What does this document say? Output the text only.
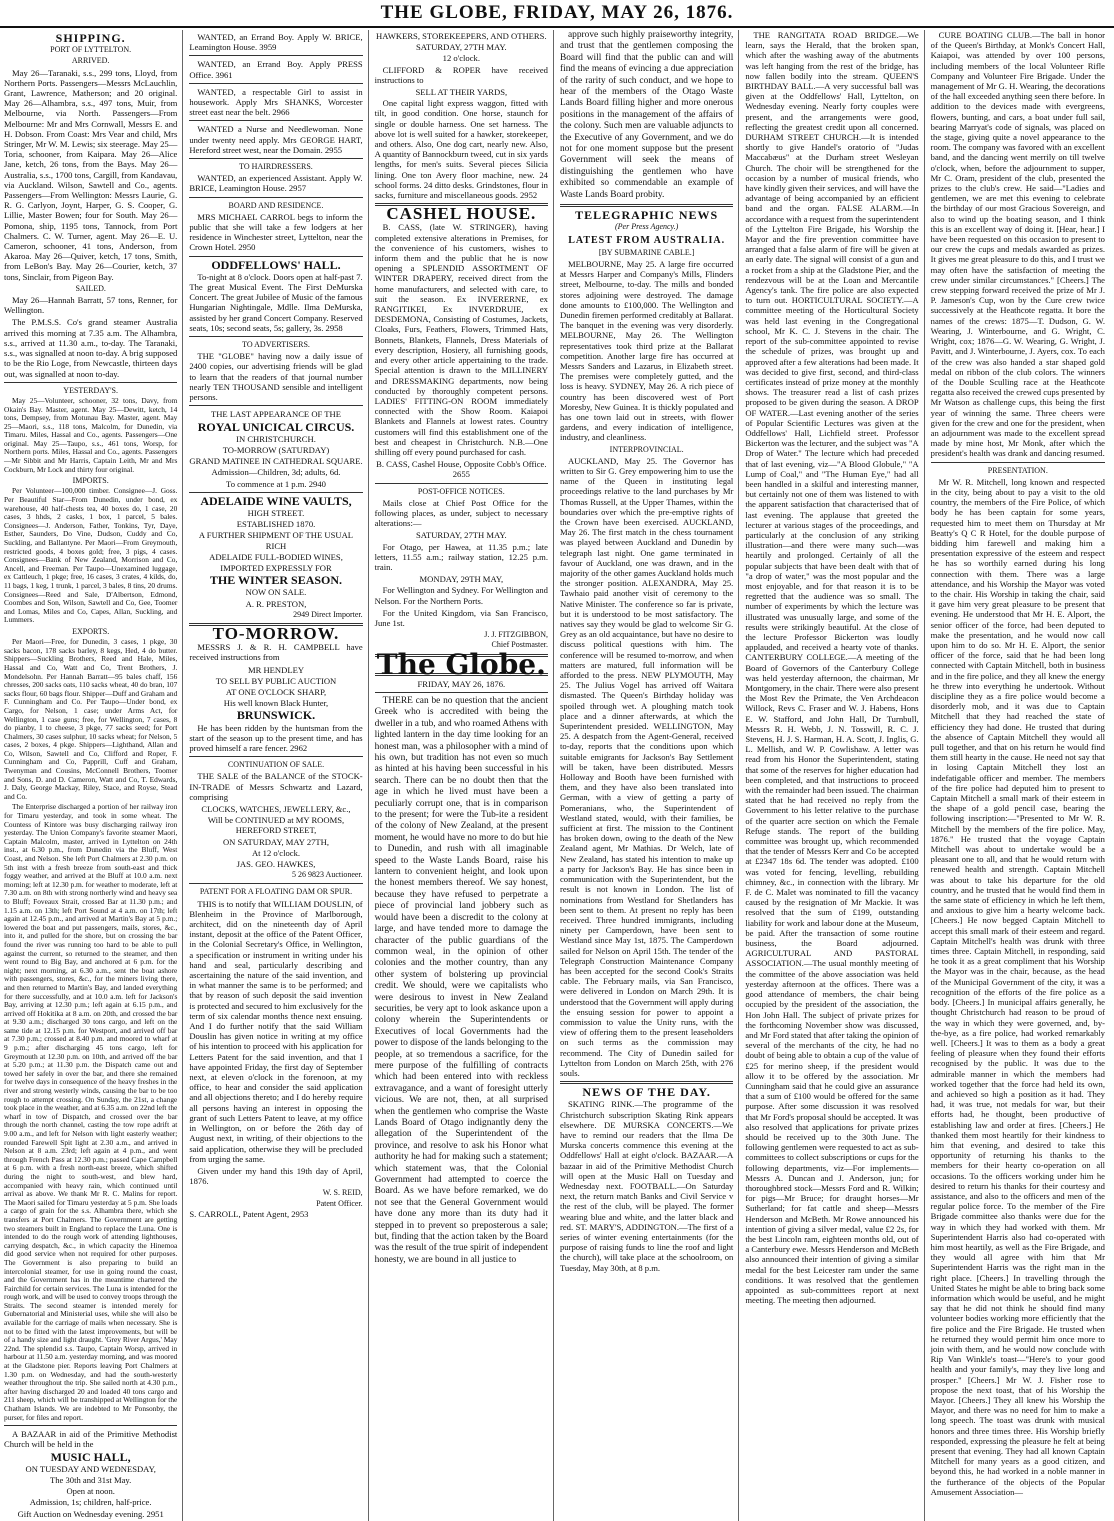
THE GLOBE, FRIDAY, MAY 26, 1876.
SHIPPING.
PORT OF LYTTELTON.
ARRIVED.

May 26—Taranaki, s.s., 299 tons, Lloyd, from Northern Ports. Passengers—Messrs McLauchlin, Grant, Lawrence, Matherson; and 20 original. May 26—Alhambra, s.s., 497 tons, Muir, from Melbourne, via North. Passengers—From Melbourne: Mr and Mrs Cornwall, Messrs E. and H. Dobson. From Coast: Mrs Vear and child, Mrs Stringer, Mr W. M. Lewis; six steerage. May 25—Toria, schooner, from Kaipara. May 26—Alice Jane, ketch, 26 tons, from the Bays. May 26—Australia, s.s., 1700 tons, Cargill, from Kandavau, via Auckland. Wilson, Sawtell and Co., agents. Passengers—From Wellington: Messrs Laurie, G. R. G. Carlyon, Joynt, Harper, G. S. Cooper, G. Lillie, Master Bowen; four for South. May 26—Pomona, ship, 1195 tons, Tannock, from Port Chalmers. C. W. Turner, agent. May 26—E. U. Cameron, schooner, 41 tons, Anderson, from Akaroa. May 26—Quiver, ketch, 17 tons, Smith, from LeBon's Bay. May 26—Courier, ketch, 37 tons, Sinclair, from Pigeon Bay.

SAILED.

May 26—Hannah Barratt, 57 tons, Renner, for Wellington.

The P.M.S.S. Co's grand steamer Australia arrived this morning at 7.35 a.m. The Alhambra, s.s., arrived at 11.30 a.m., to-day. The Taranaki, s.s., was signalled at noon to-day. A brig supposed to be the Rio Loge, from Newcastle, thirteen days out, was signalled at noon to-day.

YESTERDAY'S.

May 25—Volunteer, schooner, 32 tons, Davy, from Okain's Bay. Master, agent. May 25—Dewitt, ketch, 14 tons, Dempsey, from Motunau Bay. Master, agent. May 25—Maori, s.s., 118 tons, Malcolm, for Dunedin, via Timaru. Miles, Hassal and Co., agents. Passengers—One original. May 25—Taupo, s.s., 461 tons, Worsp, for Northern ports. Miles, Hassal and Co., agents. Passengers—Mr Sibbit and Mr Harris, Captain Leith, Mr and Mrs Cockburn, Mr Lock and thirty four original.

IMPORTS.

Per Volunteer—100,000 timber. Consignee—J. Goss. Per Beautiful Star—From Dunedin, under bond, ex warehouse, 40 half-chests tea, 40 boxes do, 1 case, 20 cases, 3 hhds, 2 casks, 1 box, 1 parcel, 5 bales. Consignees—J. Anderson, Father, Tonkins, Tyr, Daye, Esther, Saunders, Do Vine, Dudson, Cuddy and Co, Suckling, and Ballantyne. Per Maori—From Greymouth, restricted goods, 4 boxes gold; free, 3 pigs, 4 cases. Consignees—Bank of New Zealand, Morrison and Co, Ancell, and Freeman. Per Taupo—Unexamined luggage, ex Cattleuch, 1 pkge; free, 16 cases, 3 crates, 4 kilds, do, 11 bags, 1 keg, 1 trunk, 1 parcel, 3 bales, 8 tins, 20 drums. Consignees—Reed and Sale, D'Albertson, Edmond, Coombes and Son, Wilson, Sawtell and Co, Gee, Toomer and Lomas, Miles and Co, Capes, Allan, Suckling, and Lummers.

EXPORTS.

Per Maori—Free, for Dunedin, 3 cases, 1 pkge, 30 sacks bacon, 178 sacks barley, 8 kegs, Hed, 4 do butter. Shippers—Suckling Brothers, Reed and Hale, Miles, Hassal and Co, Watt and Co, Trent Brothers, J. Mondelsohn. Per Hannah Barratt—95 bales chaff, 156 chresses, 200 sacks oats, 110 sacks wheat, 40 do bran, 107 sacks flour, 60 bags flour. Shipper—Duff and Graham and F. Cunningham and Co. Per Taupo—Under bond, ex Cargo, for Nelson, 1 case; under Arms Act, for Wellington, 1 case guns; free, for Wellington, 7 cases, 8 do pianby, 1 to cheese, 3 pkge, 77 sacks seed; for Port Chalmers, 30 cases sulphur, 10 sacks wheat; for Nelson, 5 cases, 2 boxes, 4 pkge. Shippers—Lighthand, Allan and Co, Wilson, Sawtell and Co, Clifford and Roper, F. Cunningham and Co, Papprill, Cuff and Graham, Twenyman and Cousins, McConnell Brothers, Toomer and Sons, D. and D. Cameron, Watt and Co, T. Edwards, J. Daly, George Mackay, Riley, Stace, and Royse, Stead and Co.

The Enterprise discharged a portion of her railway iron for Timaru yesterday, and took in some wheat. The Countess of Kintore was busy discharging railway iron yesterday. The Union Company's favorite steamer Maori, Captain Malcolm, master, arrived in Lyttelton on 24th inst., at 6.30 p.m., from Dunedin via the Bluff, West Coast, and Nelson. She left Port Chalmers at 2.30 p.m. on 5th inst with a fresh breeze from south-east and thick foggy weather, and arrived at the Bluff at 10.0 a.m. next morning; left at 12.30 p.m. for weather to moderate, left at 7.30 a.m. on 8th with strong northerly wind and heavy sea to Bluff; Foveaux Strait, crossed Bar at 11.30 p.m.; and 1.15 a.m. on 13th; left Port Sound at 4 a.m. on 17th; left again at 12.45 p.m., and arrived at Martin's Bay at 5 p.m.; lowered the boat and put passengers, mails, stores, &c., into it, and pulled for the shore, but on crossing the bar found the river was running too hard to be able to pull against the current, so returned to the steamer, and then went round to Big Bay, and anchored at 6 p.m. for the night; next morning, at 6.30 a.m., sent the boat ashore with passengers, stores, &c., for the miners living there, and then returned to Martin's Bay, and landed everything for there successfully, and at 10.0 a.m. left for Jackson's Bay, arriving at 12.30 p.m.; left again at 6.15 p.m., and arrived off Hokitika at 8 a.m. on 20th, and crossed the bar at 9.30 a.m.; discharged 30 tons cargo, and left on the same tide at 12.15 p.m. for Westport, and arrived off bar at 7.30 p.m.; crossed at 8.40 p.m. and moored to wharf at 9 p.m.; after discharging 45 tons cargo, left for Greymouth at 12.30 p.m. on 10th, and arrived off the bar at 5.20 p.m.; at 11.30 p.m. the Dispatch came out and towed her safely in over the bar, and there she remained for twelve days in consequence of the heavy freshes in the river and strong westerly winds, causing the bar to be too rough to attempt crossing. On Sunday, the 21st, a change took place in the weather, and at 6.35 a.m. on 22nd left the wharf in tow of Dispatch, and crossed over the bar through the north channel, casting the tow rope adrift at 9.00 a.m., and left for Nelson with light easterly weather; rounded Farewell Spit light at 2.30 a.m., and arrived in Nelson at 8 a.m. 23rd; left again at 4 p.m., and went through French Pass at 12.30 p.m.; passed Cape Campbell at 6 p.m. with a fresh north-east breeze, which shifted during the night to south-west, and blew hard, accompanied with heavy rain, which continued until arrival as above. We thank Mr R. C. Malins for report. The Maori sailed for Timaru yesterday at 5 p.m. She loads a cargo of grain for the s.s. Alhambra there, which she transfers at Port Chalmers. The Government are getting two steamers built in England to replace the Luna. One is intended to do the rough work of attending lighthouses, carrying despatch, &c., in which capacity the Hinemoa did good service when not required for other purposes. The Government is also preparing to build an intercolonial steamer, for use in going round the coast, and the Government has in the meantime chartered the Fairchild for certain services. The Luna is intended for the rough work, and will be used to convey troops through the Straits. The second steamer is intended merely for Gubernatorial and Ministerial uses, while she will also be available for the carriage of mails when necessary. She is not to be fitted with the latest improvements, but will be of a handy size and light draught. 'Grey River Argus,' May 22nd. The splendid s.s. Taupo, Captain Worsp, arrived in harbour at 11.50 a.m. yesterday morning, and was moored at the Gladstone pier. Reports leaving Port Chalmers at 1.30 p.m. on Wednesday, and had the south-westerly weather throughout the trip. She sailed north at 4.30 p.m., after having discharged 20 and loaded 40 tons cargo and 211 sheep, which will be transhipped at Wellington for the Chatham Islands. We are indebted to Mr Ponsonby, the purser, for files and report.

A BAZAAR in aid of the Primitive Methodist Church will be held in the

MUSIC HALL,
ON TUESDAY AND WEDNESDAY,
The 30th and 31st May.
Open at noon.
Admission, 1s; children, half-price.
Gift Auction on Wednesday evening. 2951

WANTED, an Errand Boy. Apply W. BRICE, Leamington House. 3959

WANTED, an Errand Boy. Apply PRESS Office. 3961

WANTED, a respectable Girl to assist in housework. Apply Mrs SHANKS, Worcester street east near the belt. 2966

WANTED a Nurse and Needlewoman. None under twenty need apply. Mrs GEORGE HART, Hereford street west, near the Domain. 2955

TO HAIRDRESSERS.

WANTED, an experienced Assistant. Apply W. BRICE, Leamington House. 2957

BOARD AND RESIDENCE.

MRS MICHAEL CARROL begs to inform the public that she will take a few lodgers at her residence in Winchester street, Lyttelton, near the Crown Hotel. 2950

ODDFELLOWS' HALL.

To-night at 8 o'clock. Doors open at half-past 7. The great Musical Event. The First DeMurska Concert. The great Jubilee of Music of the famous Hungarian Nightingale, Mdlle. Ilma DeMurska, assisted by her grand Concert Company. Reserved seats, 10s; second seats, 5s; gallery, 3s. 2958

TO ADVERTISERS.

THE "GLOBE" having now a daily issue of 2400 copies, our advertising friends will be glad to learn that the readers of that journal number nearly TEN THOUSAND sensible and intelligent persons.

THE LAST APPEARANCE OF THE
ROYAL UNICICAL CIRCUS.
IN CHRISTCHURCH.
TO-MORROW (SATURDAY)
GRAND MATINEE IN CATHEDRAL SQUARE.
Admission—Children, 3d; adults, 6d.
To commence at 1 p.m. 2940
ADELAIDE WINE VAULTS,
HIGH STREET.
ESTABLISHED 1870.
A FURTHER SHIPMENT OF THE USUAL RICH
ADELAIDE FULL-BODIED WINES,
IMPORTED EXPRESSLY FOR
THE WINTER SEASON.
NOW ON SALE.
A. R. PRESTON,
2949 Direct Importer.
TO-MORROW.

MESSRS J. & R. H. CAMPBELL have received instructions from

MR HENDLEY
TO SELL BY PUBLIC AUCTION
AT ONE O'CLOCK SHARP,
His well known Black Hunter,
BRUNSWICK.

He has been ridden by the huntsman from the start of the season up to the present time, and has proved himself a rare fencer. 2962

CONTINUATION OF SALE.

THE SALE of the BALANCE of the STOCK-IN-TRADE of Messrs Schwartz and Lazard, comprising

CLOCKS, WATCHES, JEWELLERY, &c.,
Will be CONTINUED at MY ROOMS, HEREFORD STREET,
ON SATURDAY, MAY 27TH,
At 12 o'clock.
JAS. GEO. HAWKES,
5 26 9823 Auctioneer.
PATENT FOR A FLOATING DAM OR SPUR.

THIS is to notify that WILLIAM DOUSLIN, of Blenheim in the Province of Marlborough, architect, did on the nineteenth day of April instant, deposit at the office of the Patent Officer, in the Colonial Secretary's Office, in Wellington, a specification or instrument in writing under his hand and seal, particularly describing and ascertaining the nature of the said invention, and in what manner the same is to be performed; and that by reason of such deposit the said invention is protected and secured to him exclusively for the term of six calendar months thence next ensuing. And I do further notify that the said William Douslin has given notice in writing at my office of his intention to proceed with his application for Letters Patent for the said invention, and that I have appointed Friday, the first day of September next, at eleven o'clock in the forenoon, at my office, to hear and consider the said application and all objections thereto; and I do hereby require all persons having an interest in opposing the grant of such Letters Patent to leave, at my office in Wellington, on or before the 26th day of August next, in writing, of their objections to the said application, otherwise they will be precluded from urging the same.

Given under my hand this 19th day of April, 1876.

W. S. REID,
Patent Officer.
S. CARROLL, Patent Agent, 2953
HAWKERS, STOREKEEPERS, AND OTHERS.
SATURDAY, 27TH MAY.
12 o'clock.

CLIFFORD & ROPER have received instructions to

SELL AT THEIR YARDS,

One capital light express waggon, fitted with tilt, in good condition. One horse, staunch for single or double harness. One set harness. The above lot is well suited for a hawker, storekeeper, and others. Also, One dog cart, nearly new. Also, A quantity of Bannockburn tweed, cut in six yards lengths, for men's suits. Several pieces Silicia lining. One ton Avery floor machine, new. 24 school forms. 24 ditto desks. Grindstones, flour in sacks, furniture and miscellaneous goods. 2952

CASHEL HOUSE.

B. CASS, (late W. STRINGER), having completed extensive alterations in Premises, for the convenience of his customers, wishes to inform them and the public that he is now opening a SPLENDID ASSORTMENT OF WINTER DRAPERY, received direct from the home manufacturers, and selected with care, to suit the season. Ex INVERERNE, ex RANGITIKEI, Ex INVERDRUIE, ex DESDEMONA, Consisting of Costumes, Jackets, Cloaks, Furs, Feathers, Flowers, Trimmed Hats, Bonnets, Blankets, Flannels, Dress Materials of every description, Hosiery, all furnishing goods, and every other article appertaining to the trade. Special attention is drawn to the MILLINERY and DRESSMAKING departments, now being conducted by thoroughly competent persons. LADIES' FITTING-ON ROOM immediately connected with the Show Room. Kaiapoi Blankets and Flannels at lowest rates. Country customers will find this establishment one of the best and cheapest in Christchurch. N.B.—One shilling off every pound purchased for cash.

B. CASS, Cashel House, Opposite Cobb's Office. 2655
POST-OFFICE NOTICES.

Mails close at Chief Post Office for the following places, as under, subject to necessary alterations:—

SATURDAY, 27TH MAY.

For Otago, per Hawea, at 11.35 p.m.; late letters, 11.55 a.m.; railway station, 12.25 p.m. train.

MONDAY, 29TH MAY,

For Wellington and Sydney. For Wellington and Nelson. For the Northern Ports.

For the United Kingdom, via San Francisco, June 1st.

J. J. FITZGIBBON,
Chief Postmaster.
The Globe.
FRIDAY, MAY 26, 1876.

THERE can be no question that the ancient Greek who is accredited with being the dweller in a tub, and who roamed Athens with lighted lantern in the day time looking for an honest man, was a philosopher with a mind of his own, but tradition has not even so much as hinted at his having been successful in his search. There can be no doubt then that the age in which he lived must have been a peculiarly corrupt one, that is in comparison to the present; for were the Tub-ite a resident of the colony of New Zealand, at the present moment, he would have no more to do but hie to Dunedin, and rush with all imaginable speed to the Waste Lands Board, raise his lantern to convenient height, and look upon the honest members thereof. We say honest, because they have refused to perpetrate a piece of provincial land jobbery such as would have been a discredit to the colony at large, and have tended more to damage the character of the public guardians of the common weal, in the opinion of other colonies and the mother country, than any other system of bolstering up provincial credit. We should, were we capitalists who were desirous to invest in New Zealand securities, be very apt to look askance upon a colony wherein the Superintendents or Executives of local Governments had the power to dispose of the lands belonging to the people, at so tremendous a sacrifice, for the mere purpose of the fulfilling of contracts which had been entered into with reckless extravagance, and a want of foresight utterly vicious. We are not, then, at all surprised when the gentlemen who comprise the Waste Lands Board of Otago indignantly deny the allegation of the Superintendent of the province, and resolve to ask his Honor what authority he had for making such a statement; which statement was, that the Colonial Government had attempted to coerce the Board. As we have before remarked, we do not see that the General Government would have done any more than its duty had it stepped in to prevent so preposterous a sale; but, finding that the action taken by the Board was the result of the true spirit of independent honesty, we are bound in all justice to

approve such highly praiseworthy integrity, and trust that the gentlemen composing the Board will find that the public can and will find the means of evincing a due appreciation of the rarity of such conduct, and we hope to hear of the members of the Otago Waste Lands Board filling higher and more onerous positions in the management of the affairs of the colony. Such men are valuable adjuncts to the Executive of any Government, and we do not for one moment suppose but the present Government will seek the means of distinguishing the gentlemen who have exhibited so commendable an example of Waste Lands Board probity.

TELEGRAPHIC NEWS
(Per Press Agency.)
LATEST FROM AUSTRALIA.
[BY SUBMARINE CABLE.]

MELBOURNE, May 25. A large fire occurred at Messrs Harper and Company's Mills, Flinders street, Melbourne, to-day. The mills and bonded stores adjoining were destroyed. The damage done amounts to £100,000. The Wellington and Dunedin firemen performed creditably at Ballarat. The banquet in the evening was very disorderly. MELBOURNE, May 26. The Wellington representatives took third prize at the Ballarat competition. Another large fire has occurred at Messrs Sanders and Lazarus, in Elizabeth street. The premises were completely gutted, and the loss is heavy. SYDNEY, May 26. A rich piece of country has been discovered west of Port Moresby, New Guinea. It is thickly populated and has one town laid out in streets, with flower gardens, and every indication of intelligence, industry, and cleanliness.

INTERPROVINCIAL.

AUCKLAND, May 25. The Governor has written to Sir G. Grey empowering him to use the name of the Queen in instituting legal proceedings relative to the land purchases by Mr Thomas Russell, at the Upper Thames, within the boundaries over which the pre-emptive rights of the Crown have been exercised. AUCKLAND, May 26. The first match in the chess tournament was played between Auckland and Dunedin by telegraph last night. One game terminated in favour of Auckland, one was drawn, and in the majority of the other games Auckland holds much the stronger position. ALEXANDRA, May 25. Tawhaio paid another visit of ceremony to the Native Minister. The conference so far is private, but it is understood to be most satisfactory. The natives say they would be glad to welcome Sir G. Grey as an old acquaintance, but have no desire to discuss political questions with him. The conference will be resumed to-morrow, and when matters are matured, full information will be afforded to the press. NEW PLYMOUTH, May 25. The Julius Vogel has arrived off Waitara dismasted. The Queen's Birthday holiday was spoiled through wet. A ploughing match took place and a dinner afterwards, at which the Superintendent presided. WELLINGTON, May 25. A despatch from the Agent-General, received to-day, reports that the conditions upon which suitable emigrants for Jackson's Bay Settlement will be taken, have been distributed. Messrs Holloway and Booth have been furnished with them, and they have also been translated into German, with a view of getting a party of Pomeranians, who, the Superintendent of Westland stated, would, with their families, be sufficient at first. The mission to the Continent has broken down, owing to the death of the New Zealand agent, Mr Mathias. Dr Welch, late of New Zealand, has stated his intention to make up a party for Jackson's Bay. He has since been in communication with the Superintendent, but the result is not known in London. The list of nominations from Westland for Shetlanders has been sent to them. At present no reply has been received. Three hundred immigrants, including ninety per Camperdown, have been sent to Westland since May 1st, 1875. The Camperdown sailed for Nelson on April 15th. The tender of the Telegraph Construction Maintenance Company has been accepted for the second Cook's Straits cable. The February mails, via San Francisco, were delivered in London on March 29th. It is understood that the Government will apply during the ensuing session for power to appoint a commission to value the Unity runs, with the view of offering them to the present leaseholders on such terms as the commission may recommend. The City of Dunedin sailed for Lyttelton from London on March 25th, with 276 souls.

NEWS OF THE DAY.

SKATING RINK.—The programme of the Christchurch subscription Skating Rink appears elsewhere. DE MURSKA CONCERTS.—We have to remind our readers that the Ilma De Murska concerts commence this evening at the Oddfellows' Hall at eight o'clock. BAZAAR.—A bazaar in aid of the Primitive Methodist Church will open at the Music Hall on Tuesday and Wednesday next. FOOTBALL.—On Saturday next, the return match Banks and Civil Service v the rest of the club, will be played. The former wearing blue and white, and the latter black and red. ST. MARY'S, ADDINGTON.—The first of a series of winter evening entertainments (for the purpose of raising funds to line the roof and light the church), will take place at the schoolroom, on Tuesday, May 30th, at 8 p.m.

THE RANGITATA ROAD BRIDGE.—We learn, says the Herald, that the broken span, which after the washing away of the abutments was left hanging from the rest of the bridge, has now fallen bodily into the stream. QUEEN'S BIRTHDAY BALL.—A very successful ball was given at the Oddfellows' Hall, Lyttelton, on Wednesday evening. Nearly forty couples were present, and the arrangements were good, reflecting the greatest credit upon all concerned. DURHAM STREET CHURCH.—It is intended shortly to give Handel's oratorio of "Judas Maccabæus" at the Durham street Wesleyan Church. The choir will be strengthened for the occasion by a number of musical friends, who have kindly given their services, and will have the advantage of being accompanied by an efficient band and the organ. FALSE ALARM.—In accordance with a request from the superintendent of the Lyttelton Fire Brigade, his Worship the Mayor and the fire prevention committee have arranged that a false alarm of fire will be given at an early date. The signal will consist of a gun and a rocket from a ship at the Gladstone Pier, and the rendezvous will be at the Loan and Mercantile Agency's tank. The fire police are also expected to turn out. HORTICULTURAL SOCIETY.—A committee meeting of the Horticultural Society was held last evening in the Congregational school, Mr K. C. J. Stevens in the chair. The report of the sub-committee appointed to revise the schedule of prizes, was brought up and approved after a few alterations had been made. It was decided to give first, second, and third-class certificates instead of prize money at the monthly shows. The treasurer read a list of cash prizes proposed to be given during the season. A DROP OF WATER.—Last evening another of the series of Popular Scientific Lectures was given at the Oddfellows' Hall, Lichfield street. Professor Bickerton was the lecturer, and the subject was "A Drop of Water." The lecture which had preceded that of last evening, viz—"A Blood Globule," "A Lump of Coal," and "The Human Eye," had all been handled in a skilful and interesting manner, but certainly not one of them was listened to with the apparent satisfaction that characterised that of last evening. The applause that greeted the lecturer at various stages of the proceedings, and particularly at the conclusion of any striking illustration—and there were many such—was heartily and prolonged. Certainly of all the popular subjects that have been dealt with that of "a drop of water," was the most popular and the most enjoyable, and for that reason it is to be regretted that the audience was so small. The number of experiments by which the lecture was illustrated was unusually large, and some of the results were strikingly beautiful. At the close of the lecture Professor Bickerton was loudly applauded, and received a hearty vote of thanks. CANTERBURY COLLEGE.—A meeting of the Board of Governors of the Canterbury College was held yesterday afternoon, the chairman, Mr Montgomery, in the chair. There were also present the Most Rev the Primate, the Ven Archdeacon Willock, Revs C. Fraser and W. J. Habens, Hons E. W. Stafford, and John Hall, Dr Turnbull, Messrs R. H. Webb, J. N. Tosswill, R. C. J. Stevens, H. J. S. Harman, H. A. Scott, J. Inglis, G. L. Mellish, and W. P. Cowlishaw. A letter was read from his Honor the Superintendent, stating that some of the reserves for higher education had been completed, and that instructions to proceed with the remainder had been issued. The chairman stated that he had received no reply from the Government to his letter relative to the purchase of the quarter acre section on which the Female Refuge stands. The report of the building committee was brought up, which recommended that the tender of Messrs Kerr and Co be accepted at £2347 18s 6d. The tender was adopted. £100 was voted for fencing, levelling, rebuilding chimney, &c., in connection with the library. Mr F. de C. Malet was nominated to fill the vacancy caused by the resignation of Mr Mackie. It was resolved that the sum of £199, outstanding liability for work and labour done at the Museum, be paid. After the transaction of some routine business, the Board adjourned. AGRICULTURAL AND PASTORAL ASSOCIATION.—The usual monthly meeting of the committee of the above association was held yesterday afternoon at the offices. There was a good attendance of members, the chair being occupied by the president of the association, the Hon John Hall. The subject of private prizes for the forthcoming November show was discussed, and Mr Ford stated that after taking the opinion of several of the merchants of the city, he had no doubt of being able to obtain a cup of the value of £25 for merino sheep, if the president would allow it to be offered by the association. Mr Cunningham said that he could give an assurance that a sum of £100 would be offered for the same purpose. After some discussion it was resolved that Mr Ford's proposal should be accepted. It was also resolved that applications for private prizes should be received up to the 30th June. The following gentlemen were requested to act as sub-committees to collect subscriptions or cups for the following departments, viz—For implements—Messrs A. Duncan and J. Anderson, jun; for thoroughbred stock—Messrs Ford and R. Wilkin; for pigs—Mr Bruce; for draught horses—Mr Sutherland; for fat cattle and sheep—Messrs Henderson and McBeth. Mr Rowe announced his intention of giving a silver medal, value £2 2s, for the best Lincoln ram, eighteen months old, out of a Canterbury ewe. Messrs Henderson and McBeth also announced their intention of giving a similar medal for the best Leicester ram under the same conditions. It was resolved that the gentlemen appointed as sub-committees report at next meeting. The meeting then adjourned.

CURE BOATING CLUB.—The ball in honor of the Queen's Birthday, at Monk's Concert Hall, Kaiapoi, was attended by over 100 persons, including members of the local Volunteer Rifle Company and Volunteer Fire Brigade. Under the management of Mr G. H. Wearing, the decorations of the hall exceeded anything seen there before. In addition to the devices made with evergreens, flowers, bunting, and cars, a boat under full sail, bearing Marryat's code of signals, was placed on the stage, giving quite a novel appearance to the room. The company was favored with an excellent band, and the dancing went merrily on till twelve o'clock, when, before the adjournment to supper, Mr C. Oram, president of the club, presented the prizes to the club's crew. He said—"Ladies and gentlemen, we are met this evening to celebrate the birthday of our most Gracious Sovereign, and also to wind up the boating season, and I think this is an excellent way of doing it. [Hear, hear.] I have been requested on this occasion to present to our crew the cups and medals awarded as prizes. It gives me great pleasure to do this, and I trust we may often have the satisfaction of meeting the crew under similar circumstances." [Cheers.] The crew stepping forward received the prize of Mr J. P. Jameson's Cup, won by the Cure crew twice successively at the Heathcote regatta. It bore the names of the crews: 1875—T. Dudson, G. W. Wearing, J. Winterbourne, and G. Wright, C. Wright, cox; 1876—G. W. Wearing, G. Wright, J. Pavitt, and J. Winterbourne, J. Ayers, cox. To each of the crew was also handed a star shaped gold medal on ribbon of the club colors. The winners of the Double Sculling race at the Heathcote regatta also received the crewed cups presented by Mr Watson as challenge cups, this being the first year of winning the same. Three cheers were given for the crew and one for the president, when an adjournment was made to the excellent spread made by mine host, Mr Monk, after which the president's health was drank and dancing resumed.

PRESENTATION.

Mr W. R. Mitchell, long known and respected in the city, being about to pay a visit to the old country, the members of the Fire Police, of which body he has been captain for some years, requested him to meet them on Thursday at Mr Beatty's Q C R Hotel, for the double purpose of bidding him farewell and making him a presentation expressive of the esteem and respect he has so worthily earned during his long connection with them. There was a large attendance, and his Worship the Mayor was voted to the chair. His Worship in taking the chair, said it gave him very great pleasure to be present that evening. He understood that Mr H. E. Alport, the senior officer of the force, had been deputed to make the presentation, and he would now call upon him to do so. Mr H. E. Alport, the senior officer of the force, said that he had been long connected with Captain Mitchell, both in business and in the fire police, and they all knew the energy he threw into everything he undertook. Without discipline they as a fire police would become a disorderly mob, and it was due to Captain Mitchell that they had reached the state of efficiency they had done. He trusted that during the absence of Captain Mitchell they would all pull together, and that on his return he would find them still hearty in the cause. He need not say that in losing Captain Mitchell they lost an indefatigable officer and member. The members of the fire police had deputed him to present to Captain Mitchell a small mark of their esteem in the shape of a gold pencil case, bearing the following inscription:—"Presented to Mr W. R. Mitchell by the members of the fire police. May, 1876." He trusted that the voyage Captain Mitchell was about to undertake would be a pleasant one to all, and that he would return with renewed health and strength. Captain Mitchell was about to take his departure for the old country, and he trusted that he would find them in the same state of efficiency in which he left them, and anxious to give him a hearty welcome back. [Cheers.] He now begged Captain Mitchell to accept this small mark of their esteem and regard. Captain Mitchell's health was drunk with three times three. Captain Mitchell, in responding, said he took it as a great compliment that his Worship the Mayor was in the chair, because, as the head of the Municipal Government of the city, it was a recognition of the efforts of the fire police as a body. [Cheers.] In municipal affairs generally, he thought Christchurch had reason to be proud of the way in which they were governed, and, by-the-bye, as a fire police, had worked remarkably well. [Cheers.] It was to them as a body a great feeling of pleasure when they found their efforts recognised by the public. It was due to the admirable manner in which the members had worked together that the force had held its own, and achieved so high a position as it had. They had, it was true, not medals for war, but their efforts had, he thought, been productive of establishing law and order at fires. [Cheers.] He thanked them most heartily for their kindness to him that evening, and desired to take this opportunity of returning his thanks to the members for their hearty co-operation on all occasions. To the officers working under him he desired to return his thanks for their courtesy and assistance, and also to the officers and men of the regular police force. To the member of the Fire Brigade committee also thanks were due for the way in which they had worked with them. Mr Superintendent Harris also had co-operated with him most heartily, as well as the Fire Brigade, and they would all agree with him that Mr Superintendent Harris was the right man in the right place. [Cheers.] In travelling through the United States he might be able to bring back some information which would be useful, and he might say that he did not think he should find many volunteer bodies working more efficiently that the fire police and the Fire Brigade. He trusted when he returned they would permit him once more to join with them, and he would now conclude with Rip Van Winkle's toast—"Here's to your good health and your family's, may they live long and prosper." [Cheers.] Mr W. J. Fisher rose to propose the next toast, that of his Worship the Mayor. [Cheers.] They all knew his Worship the Mayor, and there was no need for him to make a long speech. The toast was drunk with musical honors and three times three. His Worship briefly responded, expressing the pleasure he felt at being present that evening. They had all known Captain Mitchell for many years as a good citizen, and beyond this, he had worked in a noble manner in the furtherance of the objects of the Popular Amusement Association—
